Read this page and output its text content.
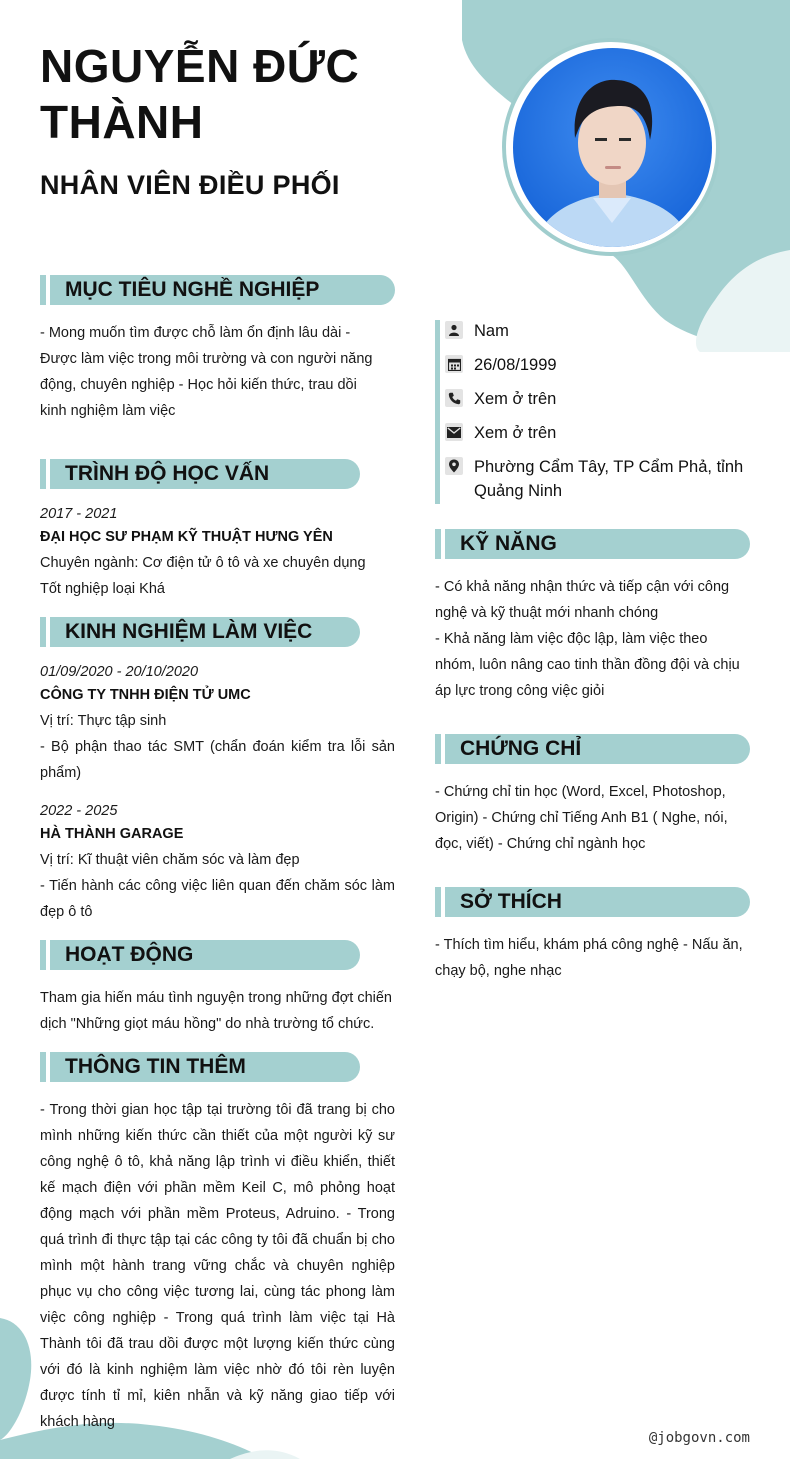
NGUYỄN ĐỨC THÀNH
NHÂN VIÊN ĐIỀU PHỐI
MỤC TIÊU NGHỀ NGHIỆP
- Mong muốn tìm được chỗ làm ổn định lâu dài - Được làm việc trong môi trường và con người năng động, chuyên nghiệp - Học hỏi kiến thức, trau dồi kinh nghiệm làm việc
TRÌNH ĐỘ HỌC VẤN
2017 - 2021
ĐẠI HỌC SƯ PHẠM KỸ THUẬT HƯNG YÊN
Chuyên ngành: Cơ điện tử ô tô và xe chuyên dụng
Tốt nghiệp loại Khá
KINH NGHIỆM LÀM VIỆC
01/09/2020 - 20/10/2020
CÔNG TY TNHH ĐIỆN TỬ UMC
Vị trí: Thực tập sinh
- Bộ phận thao tác SMT (chẩn đoán kiểm tra lỗi sản phẩm)
2022 - 2025
HÀ THÀNH GARAGE
Vị trí: Kĩ thuật viên chăm sóc và làm đẹp
- Tiến hành các công việc liên quan đến chăm sóc làm đẹp ô tô
HOẠT ĐỘNG
Tham gia hiến máu tình nguyện trong những đợt chiến dịch "Những giọt máu hồng" do nhà trường tổ chức.
THÔNG TIN THÊM
- Trong thời gian học tập tại trường tôi đã trang bị cho mình những kiến thức cần thiết của một người kỹ sư công nghệ ô tô, khả năng lập trình vi điều khiển, thiết kế mạch điện với phần mềm Keil C, mô phỏng hoạt động mạch với phần mềm Proteus, Adruino. - Trong quá trình đi thực tập tại các công ty tôi đã chuẩn bị cho mình một hành trang vững chắc và chuyên nghiệp phục vụ cho công việc tương lai, cùng tác phong làm việc công nghiệp - Trong quá trình làm việc tại Hà Thành tôi đã trau dồi được một lượng kiến thức cùng với đó là kinh nghiệm làm việc nhờ đó tôi rèn luyện được tính tỉ mỉ, kiên nhẫn và kỹ năng giao tiếp với khách hàng
Nam
26/08/1999
Xem ở trên
Xem ở trên
Phường Cẩm Tây, TP Cẩm Phả, tỉnh Quảng Ninh
KỸ NĂNG
- Có khả năng nhận thức và tiếp cận với công nghệ và kỹ thuật mới nhanh chóng
- Khả năng làm việc độc lập, làm việc theo nhóm, luôn nâng cao tinh thần đồng đội và chịu áp lực trong công việc giỏi
CHỨNG CHỈ
- Chứng chỉ tin học (Word, Excel, Photoshop, Origin) - Chứng chỉ Tiếng Anh B1 ( Nghe, nói, đọc, viết) - Chứng chỉ ngành học
SỞ THÍCH
- Thích tìm hiểu, khám phá công nghệ - Nấu ăn, chạy bộ, nghe nhạc
@jobgovn.com
